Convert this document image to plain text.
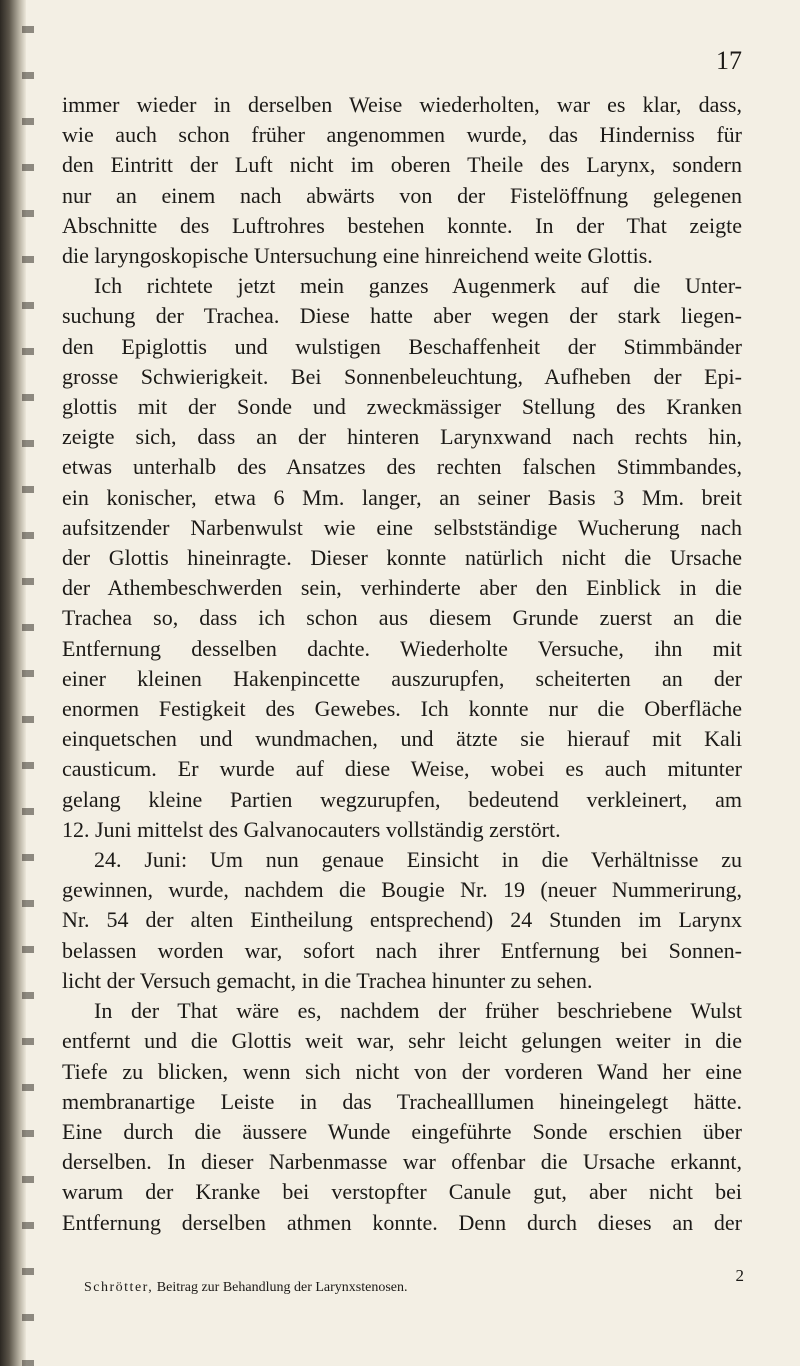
17
immer wieder in derselben Weise wiederholten, war es klar, dass,
wie auch schon früher angenommen wurde, das Hinderniss für
den Eintritt der Luft nicht im oberen Theile des Larynx, sondern
nur an einem nach abwärts von der Fistelöffnung gelegenen
Abschnitte des Luftrohres bestehen konnte. In der That zeigte
die laryngoskopische Untersuchung eine hinreichend weite Glottis.
Ich richtete jetzt mein ganzes Augenmerk auf die Unter-
suchung der Trachea. Diese hatte aber wegen der stark liegen-
den Epiglottis und wulstigen Beschaffenheit der Stimmbänder
grosse Schwierigkeit. Bei Sonnenbeleuchtung, Aufheben der Epi-
glottis mit der Sonde und zweckmässiger Stellung des Kranken
zeigte sich, dass an der hinteren Larynxwand nach rechts hin,
etwas unterhalb des Ansatzes des rechten falschen Stimmbandes,
ein konischer, etwa 6 Mm. langer, an seiner Basis 3 Mm. breit
aufsitzender Narbenwulst wie eine selbstständige Wucherung nach
der Glottis hineinragte. Dieser konnte natürlich nicht die Ursache
der Athembeschwerden sein, verhinderte aber den Einblick in die
Trachea so, dass ich schon aus diesem Grunde zuerst an die
Entfernung desselben dachte. Wiederholte Versuche, ihn mit
einer kleinen Hakenpincette auszurupfen, scheiterten an der
enormen Festigkeit des Gewebes. Ich konnte nur die Oberfläche
einquetschen und wundmachen, und ätzte sie hierauf mit Kali
causticum. Er wurde auf diese Weise, wobei es auch mitunter
gelang kleine Partien wegzurupfen, bedeutend verkleinert, am
12. Juni mittelst des Galvanocauters vollständig zerstört.
24. Juni: Um nun genaue Einsicht in die Verhältnisse zu
gewinnen, wurde, nachdem die Bougie Nr. 19 (neuer Nummerirung,
Nr. 54 der alten Eintheilung entsprechend) 24 Stunden im Larynx
belassen worden war, sofort nach ihrer Entfernung bei Sonnen-
licht der Versuch gemacht, in die Trachea hinunter zu sehen.
In der That wäre es, nachdem der früher beschriebene Wulst
entfernt und die Glottis weit war, sehr leicht gelungen weiter in die
Tiefe zu blicken, wenn sich nicht von der vorderen Wand her eine
membranartige Leiste in das Trachealllumen hineingelegt hätte.
Eine durch die äussere Wunde eingeführte Sonde erschien über
derselben. In dieser Narbenmasse war offenbar die Ursache erkannt,
warum der Kranke bei verstopfter Canule gut, aber nicht bei
Entfernung derselben athmen konnte. Denn durch dieses an der
Schrötter, Beitrag zur Behandlung der Larynxstenosen.
2
